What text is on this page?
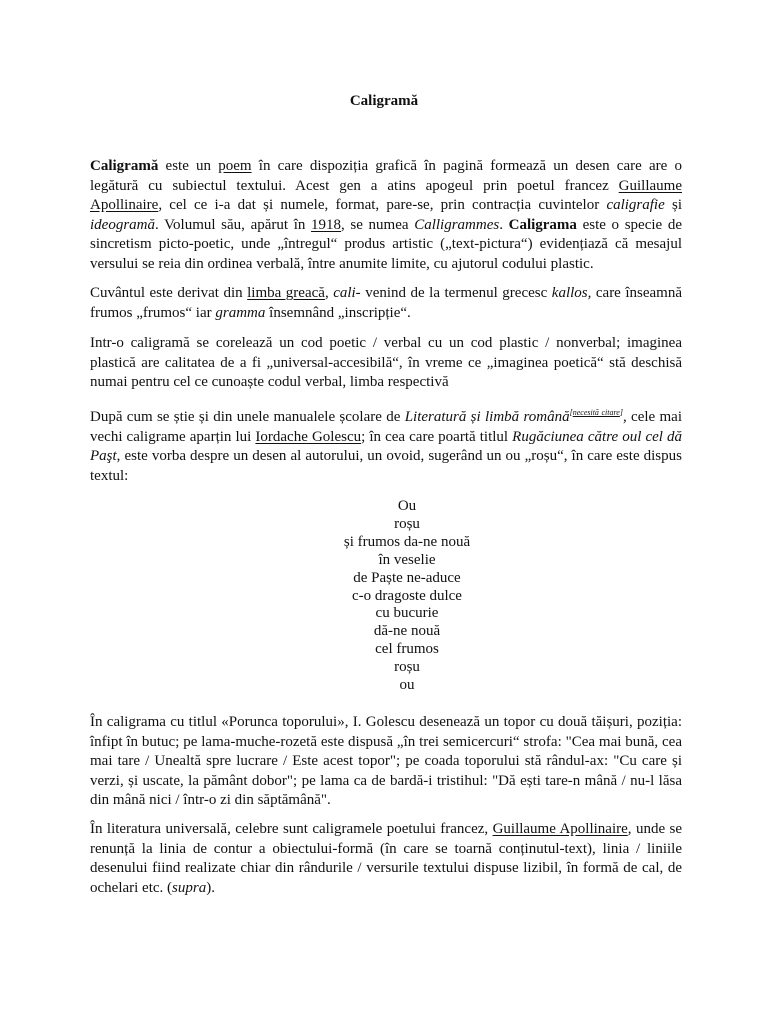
Caligramă
Caligramă este un poem în care dispoziția grafică în pagină formează un desen care are o legătură cu subiectul textului. Acest gen a atins apogeul prin poetul francez Guillaume Apollinaire, cel ce i-a dat și numele, format, pare-se, prin contracția cuvintelor caligrafie și ideogramă. Volumul său, apărut în 1918, se numea Calligrammes. Caligrama este o specie de sincretism picto-poetic, unde „întregul“ produs artistic („text-pictura“) evidențiază că mesajul versului se reia din ordinea verbală, între anumite limite, cu ajutorul codului plastic.
Cuvântul este derivat din limba greacă, cali- venind de la termenul grecesc kallos, care înseamnă frumos „frumos“ iar gramma însemnând „inscripție“.
Intr-o caligramă se corelează un cod poetic / verbal cu un cod plastic / nonverbal; imaginea plastică are calitatea de a fi „universal-accesibilă“, în vreme ce „imaginea poetică“ stă deschisă numai pentru cel ce cunoaște codul verbal, limba respectivă
După cum se știe și din unele manualele școlare de Literatură și limbă română[necesită citare], cele mai vechi caligrame aparțin lui Iordache Golescu; în cea care poartă titlul Rugăciunea către oul cel dă Paşt, este vorba despre un desen al autorului, un ovoid, sugerând un ou „roșu“, în care este dispus textul:
Ou
roșu
și frumos da-ne nouă
în veselie
de Paște ne-aduce
c-o dragoste dulce
cu bucurie
dă-ne nouă
cel frumos
roșu
ou
În caligrama cu titlul «Porunca toporului», I. Golescu desenează un topor cu două tăișuri, poziția: înfipt în butuc; pe lama-muche-rozetă este dispusă „în trei semicercuri“ strofa: "Cea mai bună, cea mai tare / Unealtă spre lucrare / Este acest topor"; pe coada toporului stă rândul-ax: "Cu care și verzi, și uscate, la pământ dobor"; pe lama ca de bardă-i tristihul: "Dă ești tare-n mână / nu-l lăsa din mână nici / într-o zi din săptămână".
În literatura universală, celebre sunt caligramele poetului francez, Guillaume Apollinaire, unde se renunță la linia de contur a obiectului-formă (în care se toarnă conținutul-text), linia / liniile desenului fiind realizate chiar din rândurile / versurile textului dispuse lizibil, în formă de cal, de ochelari etc. (supra).
